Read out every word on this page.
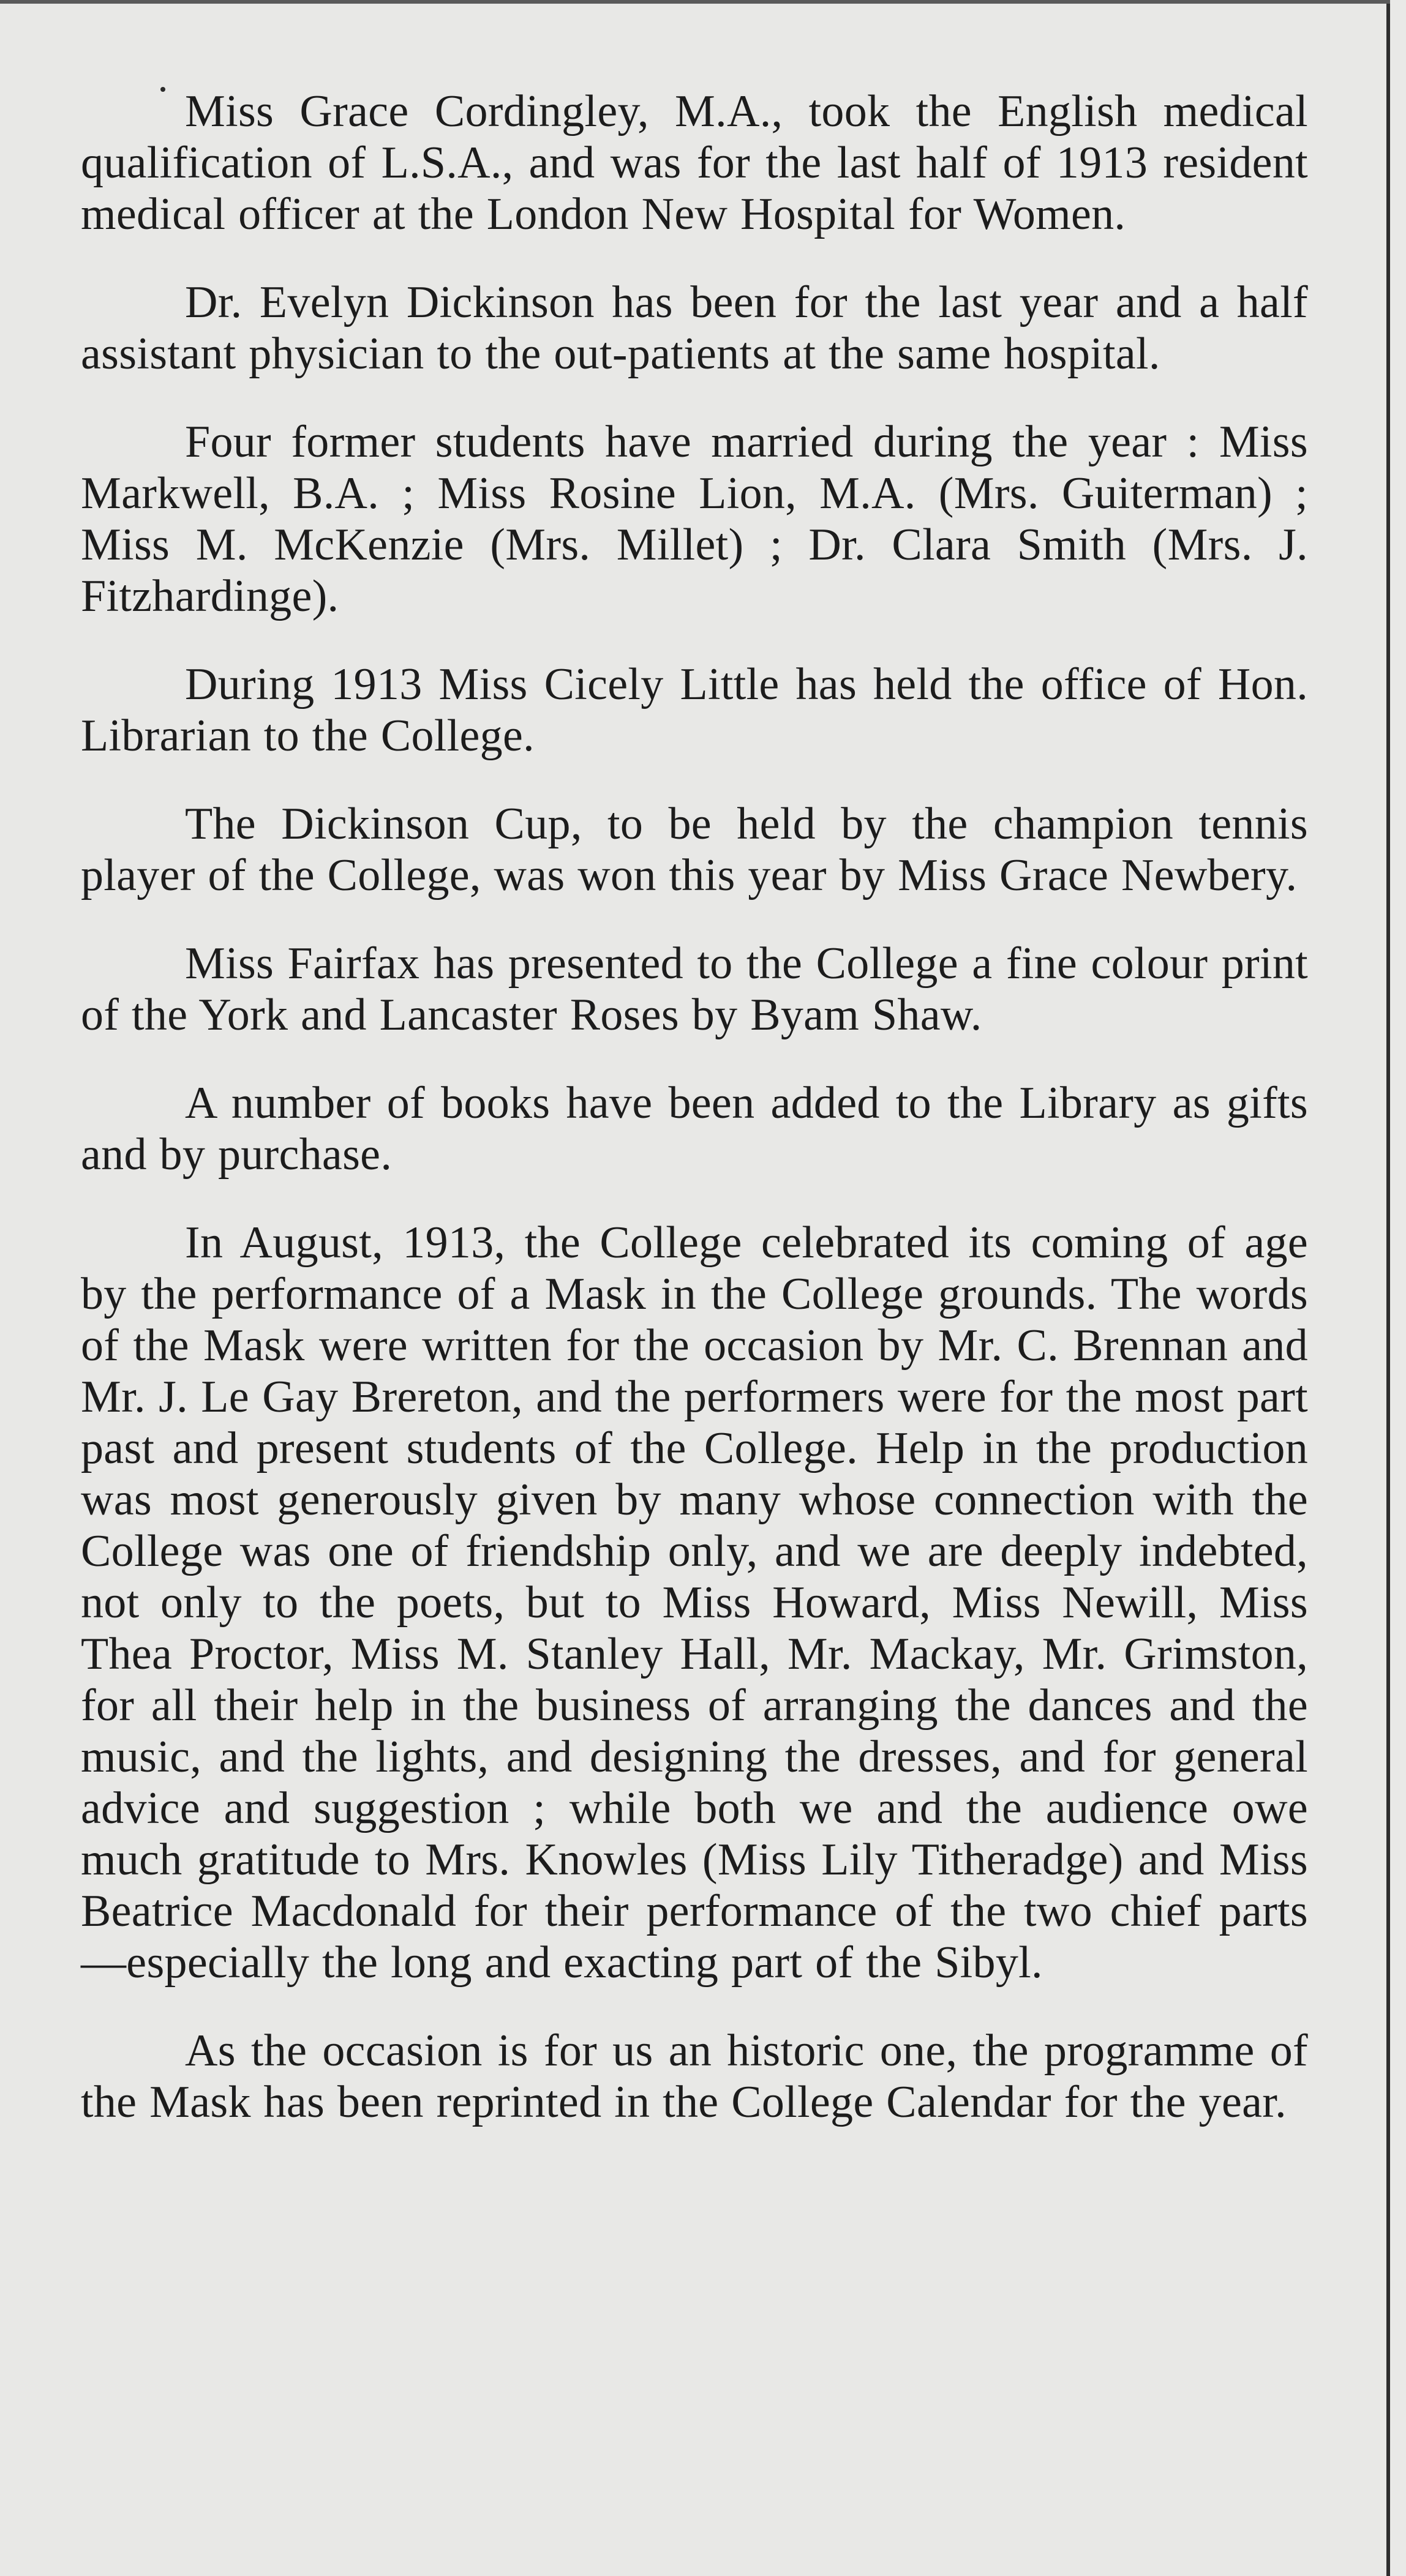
Miss Grace Cordingley, M.A., took the English medical qualification of L.S.A., and was for the last half of 1913 resident medical officer at the London New Hospital for Women.

Dr. Evelyn Dickinson has been for the last year and a half assistant physician to the out-patients at the same hospital.

Four former students have married during the year : Miss Markwell, B.A. ; Miss Rosine Lion, M.A. (Mrs. Guiterman) ; Miss M. McKenzie (Mrs. Millet) ; Dr. Clara Smith (Mrs. J. Fitzhardinge).

During 1913 Miss Cicely Little has held the office of Hon. Librarian to the College.

The Dickinson Cup, to be held by the champion tennis player of the College, was won this year by Miss Grace Newbery.

Miss Fairfax has presented to the College a fine colour print of the York and Lancaster Roses by Byam Shaw.

A number of books have been added to the Library as gifts and by purchase.

In August, 1913, the College celebrated its coming of age by the performance of a Mask in the College grounds. The words of the Mask were written for the occasion by Mr. C. Brennan and Mr. J. Le Gay Brereton, and the performers were for the most part past and present students of the College. Help in the production was most generously given by many whose connection with the College was one of friendship only, and we are deeply indebted, not only to the poets, but to Miss Howard, Miss Newill, Miss Thea Proctor, Miss M. Stanley Hall, Mr. Mackay, Mr. Grimston, for all their help in the business of arranging the dances and the music, and the lights, and designing the dresses, and for general advice and suggestion ; while both we and the audience owe much gratitude to Mrs. Knowles (Miss Lily Titheradge) and Miss Beatrice Macdonald for their performance of the two chief parts—especially the long and exacting part of the Sibyl.

As the occasion is for us an historic one, the programme of the Mask has been reprinted in the College Calendar for the year.
